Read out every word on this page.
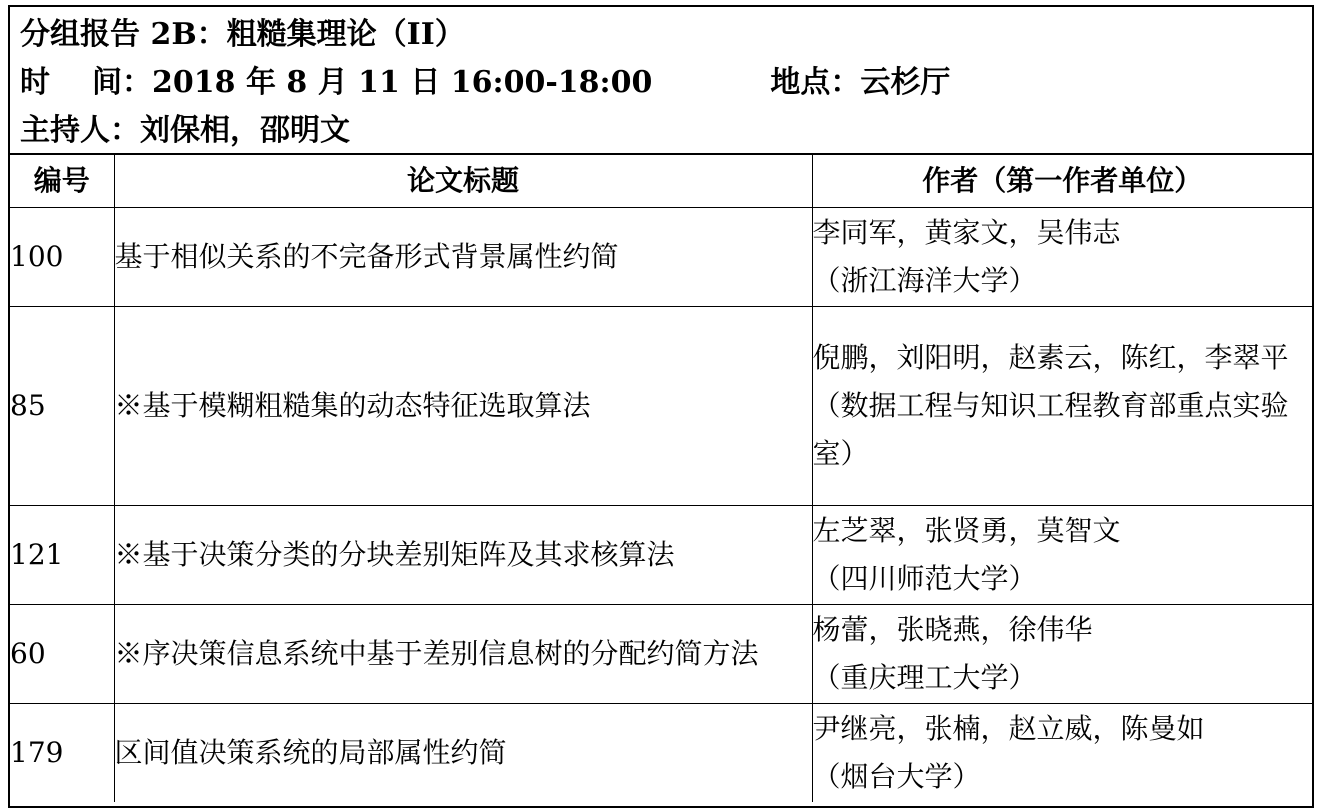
分组报告 2B：粗糙集理论（II）
时 间：2018 年 8 月 11 日 16:00-18:00	地点：云杉厅
主持人：刘保相，邵明文
编号	论文标题	作者（第一作者单位）
100	基于相似关系的不完备形式背景属性约简	李同军，黄家文，吴伟志
（浙江海洋大学）

85	※基于模糊粗糙集的动态特征选取算法	倪鹏，刘阳明，赵素云，陈红，李翠平
（数据工程与知识工程教育部重点实验室）

121	※基于决策分类的分块差别矩阵及其求核算法	左芝翠，张贤勇，莫智文
（四川师范大学）

60	※序决策信息系统中基于差别信息树的分配约简方法	杨蕾，张晓燕，徐伟华
（重庆理工大学）

179	区间值决策系统的局部属性约简	尹继亮，张楠，赵立威，陈曼如
（烟台大学）
